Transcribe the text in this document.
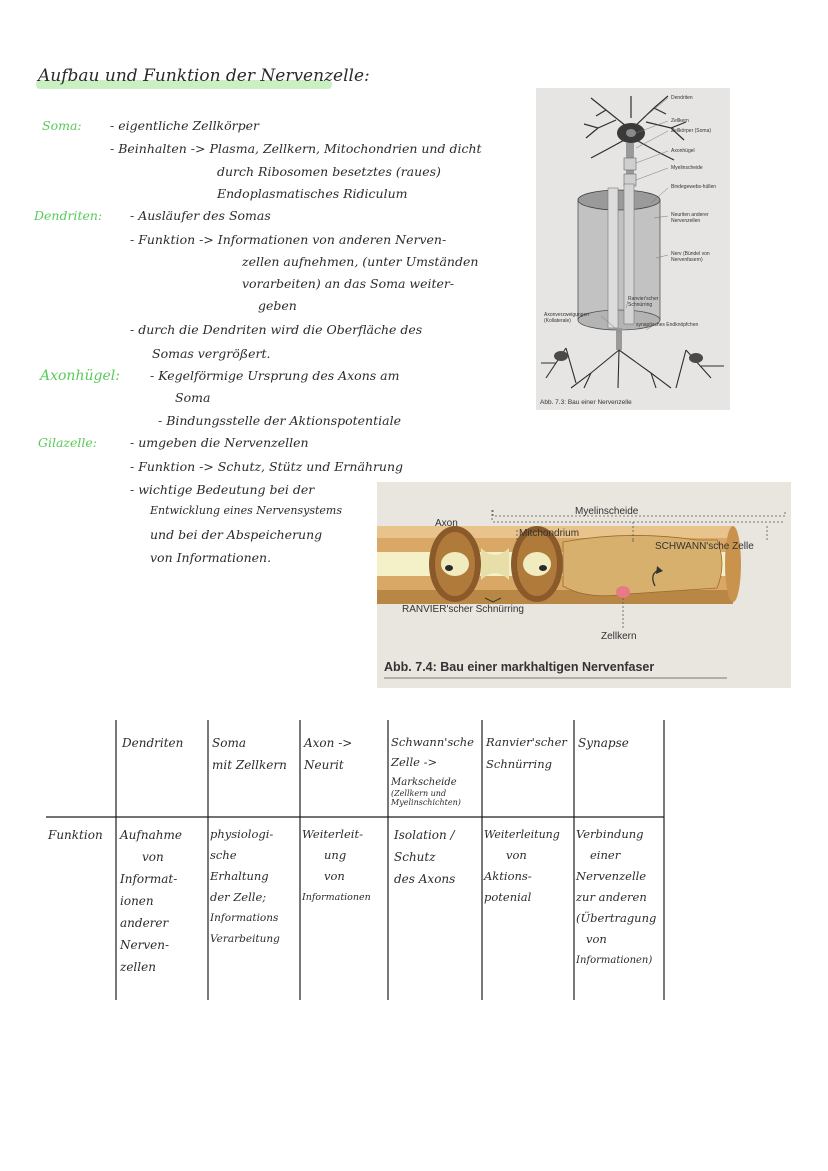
Aufbau und Funktion der Nervenzelle:
Soma: - eigentliche Zellkörper
- Beinhalten -> Plasma, Zellkern, Mitochondrien und dicht
durch Ribosomen besetztes (raues)
Endoplasmatisches Ridiculum
Dendriten: - Ausläufer des Somas
- Funktion -> Informationen von anderen Nerven-
zellen aufnehmen, (unter Umständen
vorarbeiten) an das Soma weiter-
geben
- durch die Dendriten wird die Oberfläche des
Somas vergrößert.
Axonhügel: - Kegelförmige Ursprung des Axons am
Soma
- Bindungsstelle der Aktionspotentiale
Gilazelle:	- umgeben die Nervenzellen
- Funktion -> Schutz, Stütz und Ernährung
- wichtige Bedeutung bei der
Entwicklung eines Nervensystems
und bei der Abspeicherung
von Informationen.
Dendriten
Zellkern
Zellkörper (Soma)
Axonhügel
Myelinscheide
Bindegewebs-hüllen
Neuriten anderer Nervenzellen
Nerv (Bündel von Nervenfasern)
Ranvier'scher Schnürring
Axonverzweigungen (Kollaterale)
synaptisches Endknöpfchen
Abb. 7.3: Bau einer Nervenzelle
Myelinscheide
Axon
Mitchondrium
SCHWANN'sche Zelle
RANVIER'scher Schnürring
Zellkern
Abb. 7.4: Bau einer markhaltigen Nervenfaser
Dendriten Soma
mit Zellkern
Axon ->
Neurit
Schwann'sche
Zelle ->
Markscheide
(Zellkern und
Myelinschichten)
Ranvier'scher
Schnürring
Synapse
Funktion Aufnahme
von
Informat-
ionen
anderer
Nerven-
zellen
physiologi-
sche
Erhaltung
der Zelle;
Informations
Verarbeitung
Weiterleit-
ung
von
Informationen
Isolation /
Schutz
des Axons
Weiterleitung
von
Aktions-
potenial
Verbindung
einer
Nervenzelle
zur anderen
(Übertragung
von
Informationen)
